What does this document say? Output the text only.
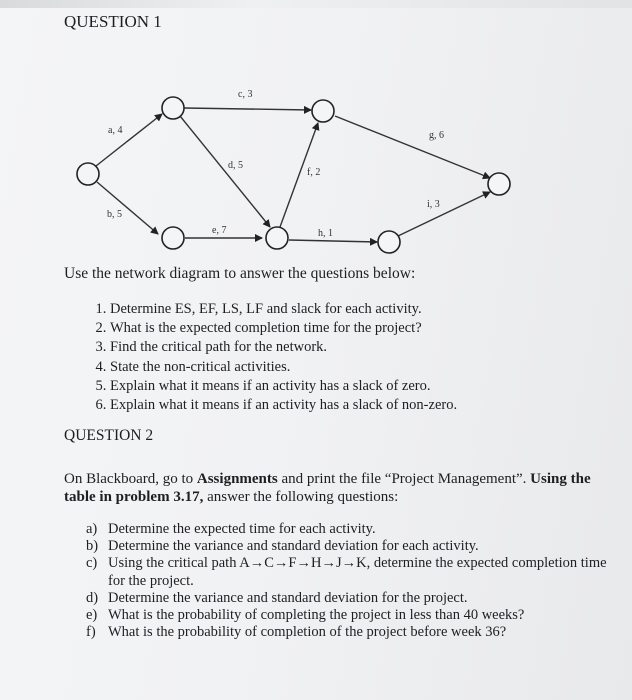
QUESTION 1
a, 4
b, 5
c, 3
d, 5
e, 7
f, 2
g, 6
h, 1
i, 3
Use the network diagram to answer the questions below:
1. Determine ES, EF, LS, LF and slack for each activity.
2. What is the expected completion time for the project?
3. Find the critical path for the network.
4. State the non-critical activities.
5. Explain what it means if an activity has a slack of zero.
6. Explain what it means if an activity has a slack of non-zero.
QUESTION 2
On Blackboard, go to Assignments and print the file “Project Management”. Using the table in problem 3.17, answer the following questions:
a) Determine the expected time for each activity.
b) Determine the variance and standard deviation for each activity.
c) Using the critical path A→C→F→H→J→K, determine the expected completion time for the project.
d) Determine the variance and standard deviation for the project.
e) What is the probability of completing the project in less than 40 weeks?
f) What is the probability of completion of the project before week 36?
